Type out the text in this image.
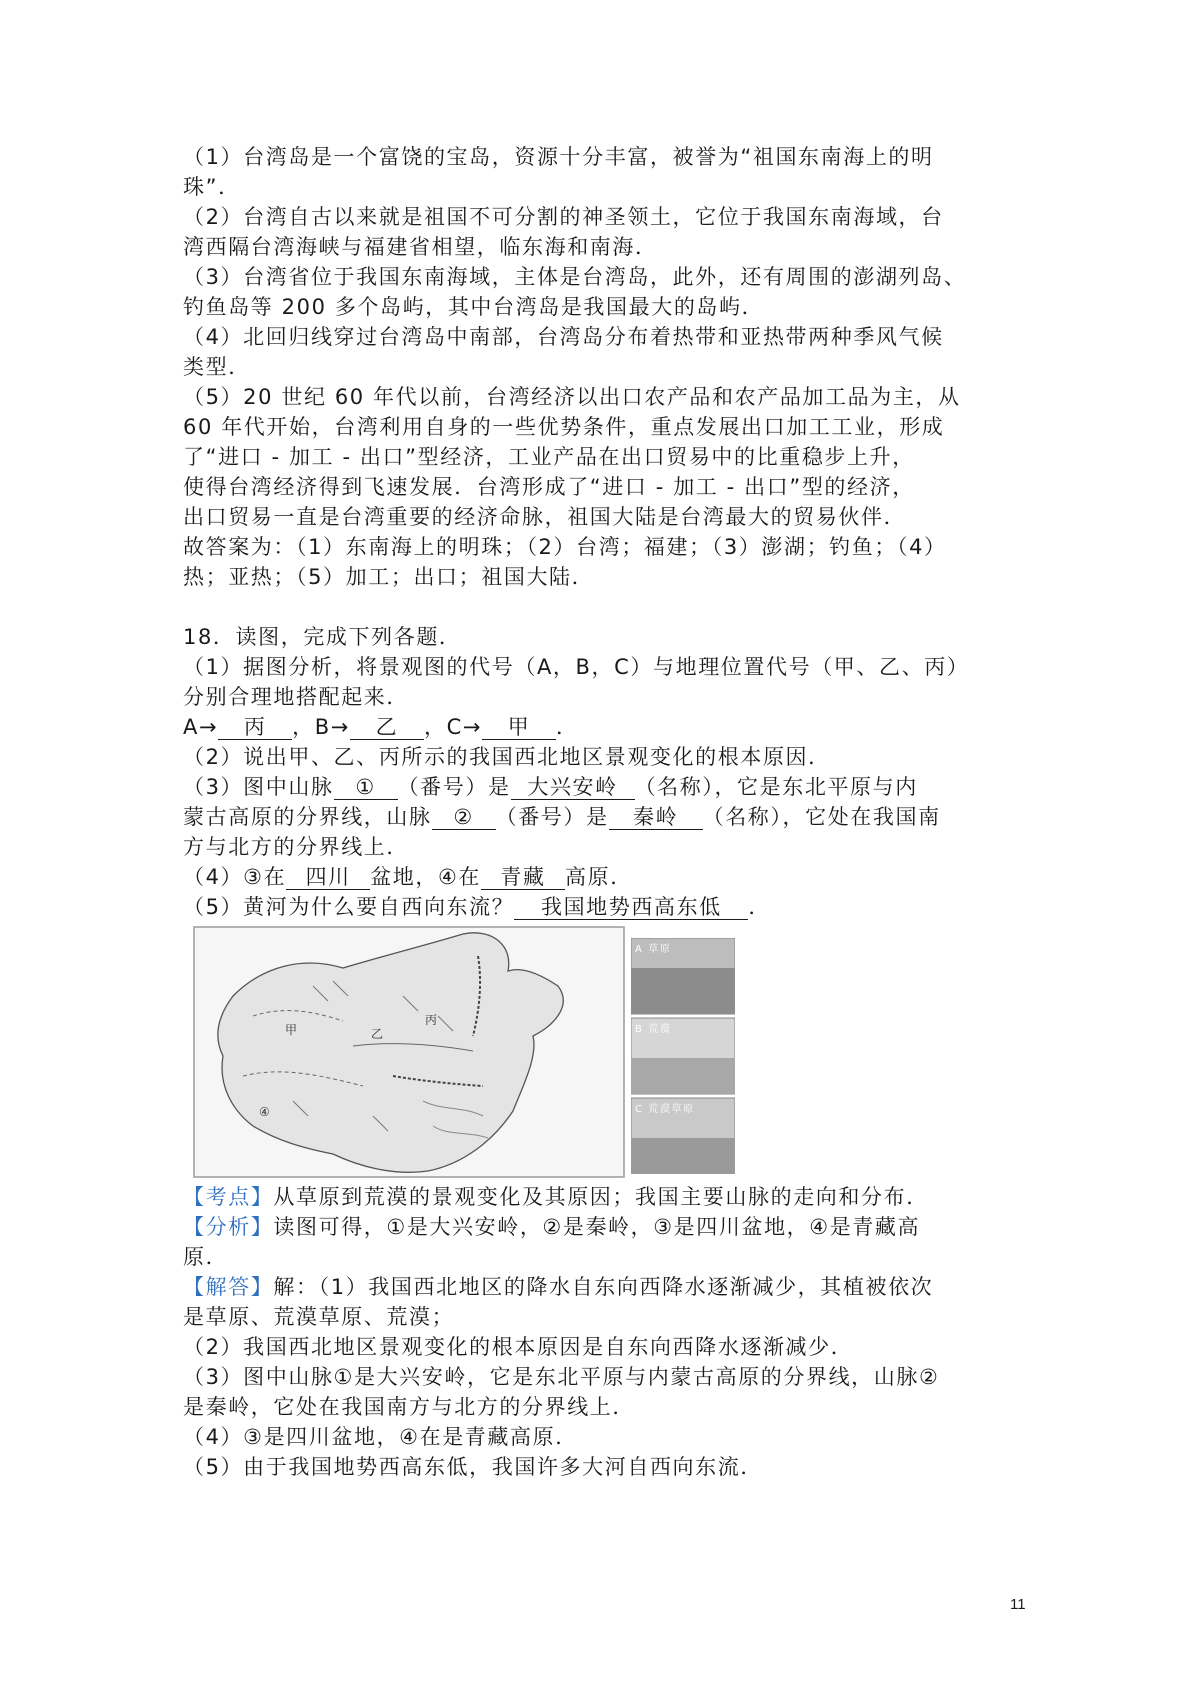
（1）台湾岛是一个富饶的宝岛，资源十分丰富，被誉为“祖国东南海上的明

珠”．

（2）台湾自古以来就是祖国不可分割的神圣领土，它位于我国东南海域，台

湾西隔台湾海峡与福建省相望，临东海和南海．

（3）台湾省位于我国东南海域，主体是台湾岛，此外，还有周围的澎湖列岛、

钓鱼岛等 200 多个岛屿，其中台湾岛是我国最大的岛屿．

（4）北回归线穿过台湾岛中南部，台湾岛分布着热带和亚热带两种季风气候

类型．

（5）20 世纪 60 年代以前，台湾经济以出口农产品和农产品加工品为主，从

60 年代开始，台湾利用自身的一些优势条件，重点发展出口加工工业，形成

了“进口 - 加工 - 出口”型经济，工业产品在出口贸易中的比重稳步上升，

使得台湾经济得到飞速发展．台湾形成了“进口 - 加工 - 出口”型的经济，

出口贸易一直是台湾重要的经济命脉，祖国大陆是台湾最大的贸易伙伴．

故答案为：（1）东南海上的明珠；（2）台湾；福建；（3）澎湖；钓鱼；（4）

热；亚热；（5）加工；出口；祖国大陆．

18．读图，完成下列各题．

（1）据图分析，将景观图的代号（A，B，C）与地理位置代号（甲、乙、丙）

分别合理地搭配起来．

A→ 丙 ，B→ 乙 ，C→ 甲 ．

（2）说出甲、乙、丙所示的我国西北地区景观变化的根本原因．

（3）图中山脉 ① （番号）是 大兴安岭 （名称），它是东北平原与内

蒙古高原的分界线，山脉 ② （番号）是 秦岭 （名称），它处在我国南

方与北方的分界线上．

（4）③在 四川 盆地，④在 青藏 高原．

（5）黄河为什么要自西向东流？ 我国地势西高东低 ．

甲	乙
丙
④
A 草原
B 荒漠
C 荒漠草原

【考点】从草原到荒漠的景观变化及其原因；我国主要山脉的走向和分布．

【分析】读图可得，①是大兴安岭，②是秦岭，③是四川盆地，④是青藏高

原．

【解答】解：（1）我国西北地区的降水自东向西降水逐渐减少，其植被依次

是草原、荒漠草原、荒漠；

（2）我国西北地区景观变化的根本原因是自东向西降水逐渐减少．

（3）图中山脉①是大兴安岭，它是东北平原与内蒙古高原的分界线，山脉②

是秦岭，它处在我国南方与北方的分界线上．

（4）③是四川盆地，④在是青藏高原．

（5）由于我国地势西高东低，我国许多大河自西向东流．

11
